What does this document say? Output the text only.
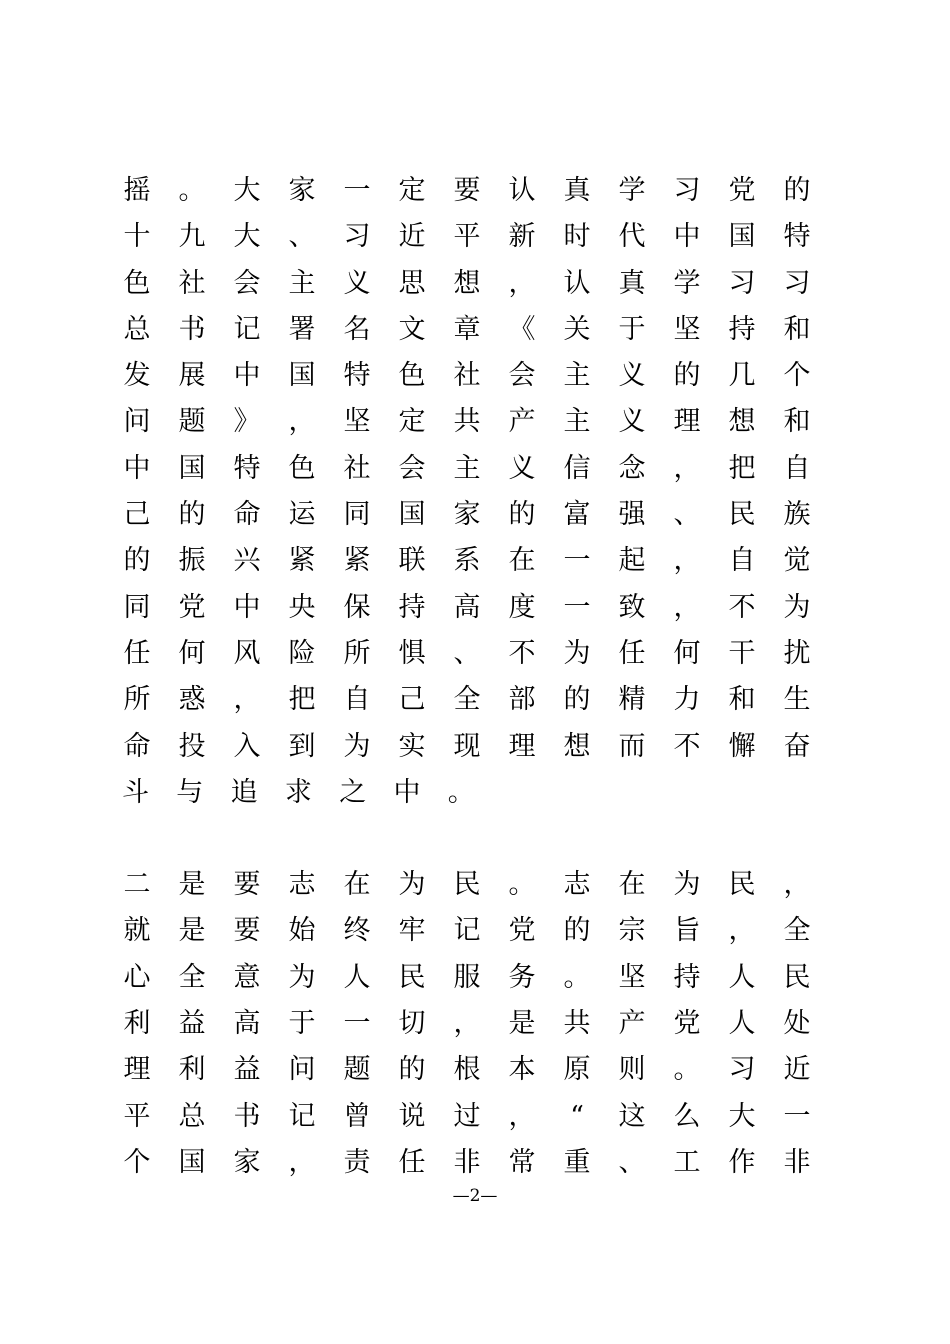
摇 。 大 家 一 定 要 认 真 学 习 党 的
十 九 大 、 习 近 平 新 时 代 中 国 特
色 社 会 主 义 思 想 ， 认 真 学 习 习
总 书 记 署 名 文 章 《 关 于 坚 持 和
发 展 中 国 特 色 社 会 主 义 的 几 个
问 题 》 ， 坚 定 共 产 主 义 理 想 和
中 国 特 色 社 会 主 义 信 念 ， 把 自
己 的 命 运 同 国 家 的 富 强 、 民 族
的 振 兴 紧 紧 联 系 在 一 起 ， 自 觉
同 党 中 央 保 持 高 度 一 致 ， 不 为
任 何 风 险 所 惧 、 不 为 任 何 干 扰
所 惑 ， 把 自 己 全 部 的 精 力 和 生
命 投 入 到 为 实 现 理 想 而 不 懈 奋
斗	与	追	求	之	中	。
二 是 要 志 在 为 民 。 志 在 为 民 ，
就 是 要 始 终 牢 记 党 的 宗 旨 ， 全
心 全 意 为 人 民 服 务 。 坚 持 人 民
利 益 高 于 一 切 ， 是 共 产 党 人 处
理 利 益 问 题 的 根 本 原 则 。 习 近
平 总 书 记 曾 说 过 ， “ 这 么 大 一
个 国 家 ， 责 任 非 常 重 、 工 作 非
—2—
